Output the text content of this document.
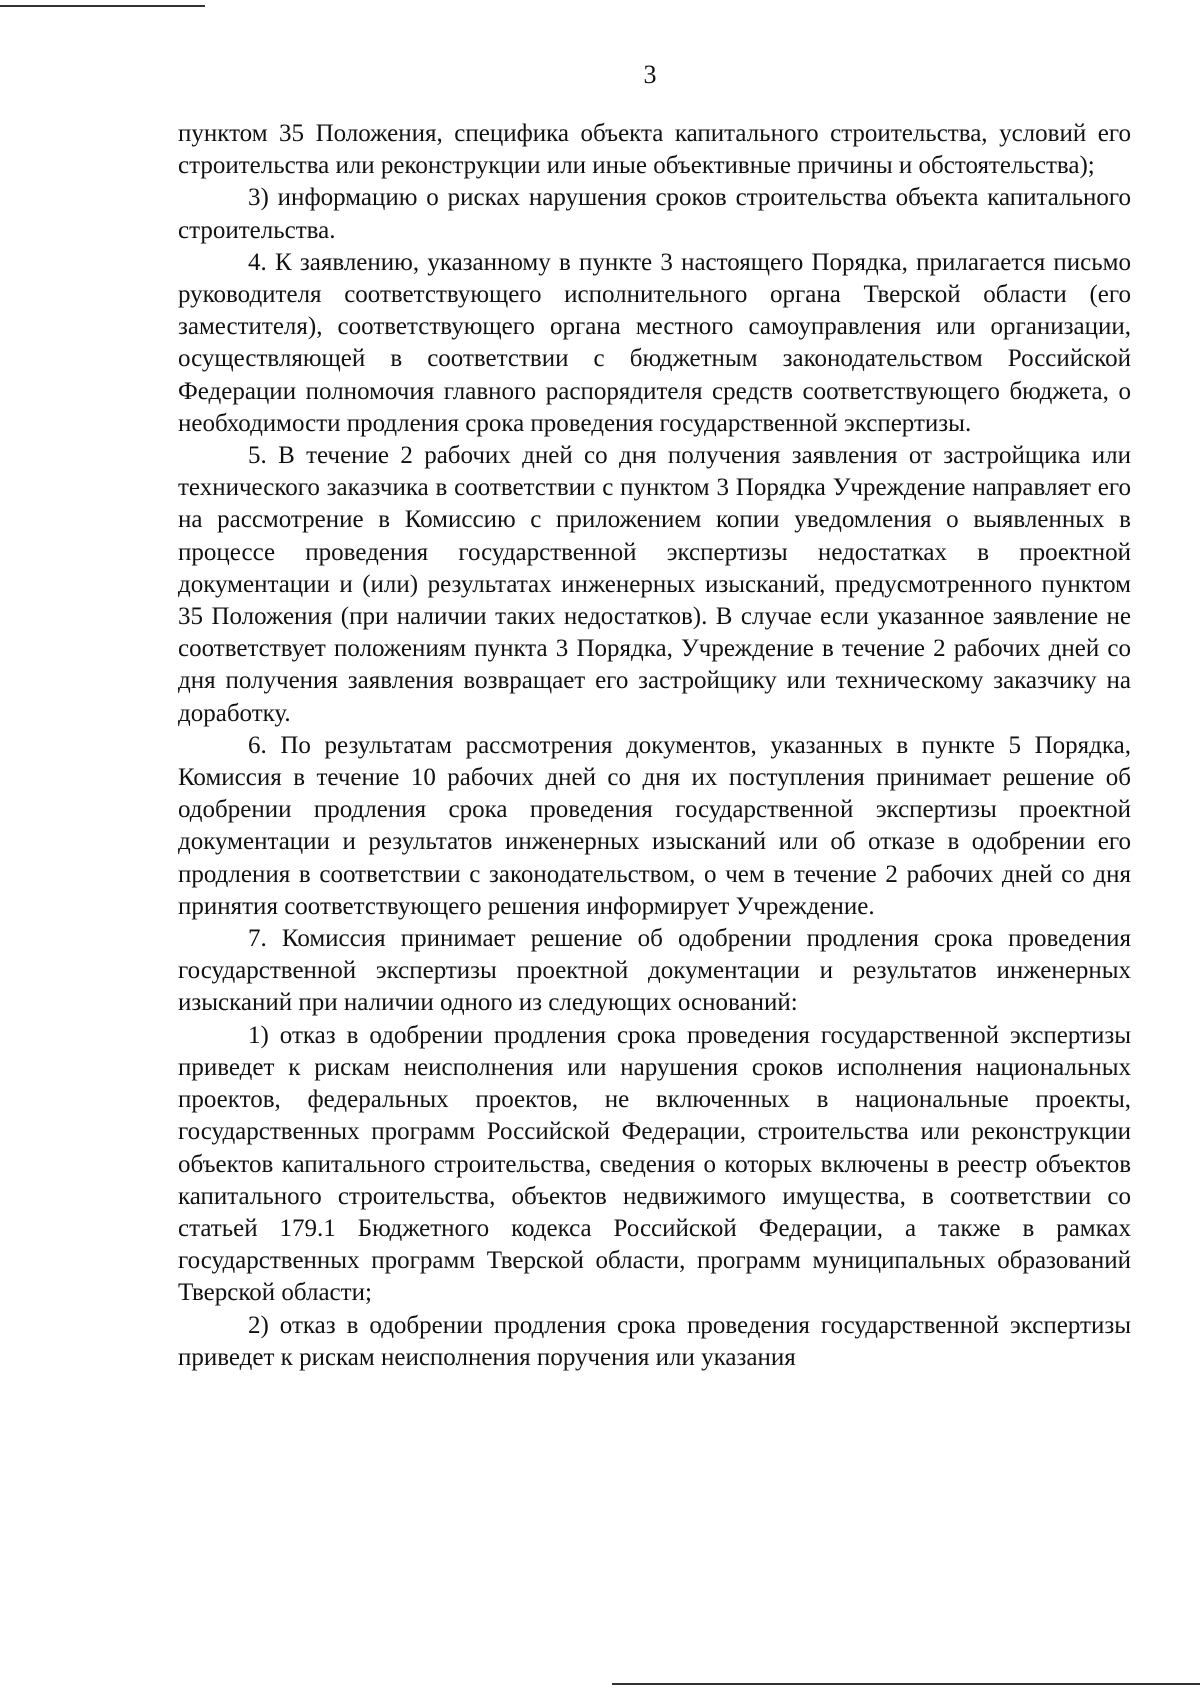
3

пунктом 35 Положения, специфика объекта капитального строительства, условий его строительства или реконструкции или иные объективные причины и обстоятельства);

3) информацию о рисках нарушения сроков строительства объекта капитального строительства.

4. К заявлению, указанному в пункте 3 настоящего Порядка, прилагается письмо руководителя соответствующего исполнительного органа Тверской области (его заместителя), соответствующего органа местного самоуправления или организации, осуществляющей в соответствии с бюджетным законодательством Российской Федерации полномочия главного распорядителя средств соответствующего бюджета, о необходимости продления срока проведения государственной экспертизы.

5. В течение 2 рабочих дней со дня получения заявления от застройщика или технического заказчика в соответствии с пунктом 3 Порядка Учреждение направляет его на рассмотрение в Комиссию с приложением копии уведомления о выявленных в процессе проведения государственной экспертизы недостатках в проектной документации и (или) результатах инженерных изысканий, предусмотренного пунктом 35 Положения (при наличии таких недостатков). В случае если указанное заявление не соответствует положениям пункта 3 Порядка, Учреждение в течение 2 рабочих дней со дня получения заявления возвращает его застройщику или техническому заказчику на доработку.

6. По результатам рассмотрения документов, указанных в пункте 5 Порядка, Комиссия в течение 10 рабочих дней со дня их поступления принимает решение об одобрении продления срока проведения государственной экспертизы проектной документации и результатов инженерных изысканий или об отказе в одобрении его продления в соответствии с законодательством, о чем в течение 2 рабочих дней со дня принятия соответствующего решения информирует Учреждение.

7. Комиссия принимает решение об одобрении продления срока проведения государственной экспертизы проектной документации и результатов инженерных изысканий при наличии одного из следующих оснований:

1) отказ в одобрении продления срока проведения государственной экспертизы приведет к рискам неисполнения или нарушения сроков исполнения национальных проектов, федеральных проектов, не включенных в национальные проекты, государственных программ Российской Федерации, строительства или реконструкции объектов капитального строительства, сведения о которых включены в реестр объектов капитального строительства, объектов недвижимого имущества, в соответствии со статьей 179.1 Бюджетного кодекса Российской Федерации, а также в рамках государственных программ Тверской области, программ муниципальных образований Тверской области;

2) отказ в одобрении продления срока проведения государственной экспертизы приведет к рискам неисполнения поручения или указания
